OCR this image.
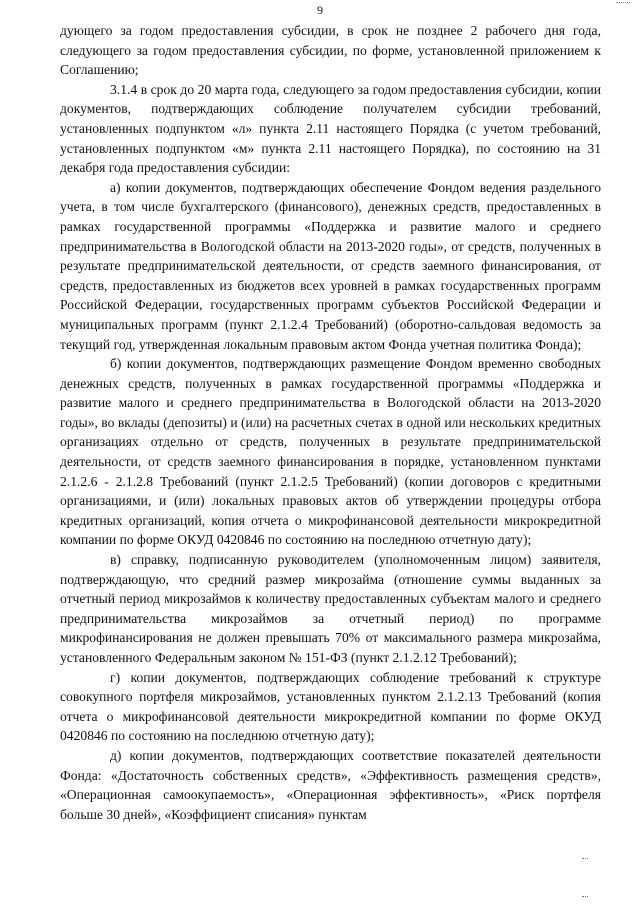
9

дующего за годом предоставления субсидии, в срок не позднее 2 рабочего дня года, следующего за годом предоставления субсидии, по форме, установленной приложением к Соглашению;

3.1.4 в срок до 20 марта года, следующего за годом предоставления субсидии, копии документов, подтверждающих соблюдение получателем субсидии требований, установленных подпунктом «л» пункта 2.11 настоящего Порядка (с учетом требований, установленных подпунктом «м» пункта 2.11 настоящего Порядка), по состоянию на 31 декабря года предоставления субсидии:

а) копии документов, подтверждающих обеспечение Фондом ведения раздельного учета, в том числе бухгалтерского (финансового), денежных средств, предоставленных в рамках государственной программы «Поддержка и развитие малого и среднего предпринимательства в Вологодской области на 2013-2020 годы», от средств, полученных в результате предпринимательской деятельности, от средств заемного финансирования, от средств, предоставленных из бюджетов всех уровней в рамках государственных программ Российской Федерации, государственных программ субъектов Российской Федерации и муниципальных программ (пункт 2.1.2.4 Требований) (оборотно-сальдовая ведомость за текущий год, утвержденная локальным правовым актом Фонда учетная политика Фонда);

б) копии документов, подтверждающих размещение Фондом временно свободных денежных средств, полученных в рамках государственной программы «Поддержка и развитие малого и среднего предпринимательства в Вологодской области на 2013-2020 годы», во вклады (депозиты) и (или) на расчетных счетах в одной или нескольких кредитных организациях отдельно от средств, полученных в результате предпринимательской деятельности, от средств заемного финансирования в порядке, установленном пунктами 2.1.2.6 - 2.1.2.8 Требований (пункт 2.1.2.5 Требований) (копии договоров с кредитными организациями, и (или) локальных правовых актов об утверждении процедуры отбора кредитных организаций, копия отчета о микрофинансовой деятельности микрокредитной компании по форме ОКУД 0420846 по состоянию на последнюю отчетную дату);

в) справку, подписанную руководителем (уполномоченным лицом) заявителя, подтверждающую, что средний размер микрозайма (отношение суммы выданных за отчетный период микрозаймов к количеству предоставленных субъектам малого и среднего предпринимательства микрозаймов за отчетный период) по программе микрофинансирования не должен превышать 70% от максимального размера микрозайма, установленного Федеральным законом № 151-ФЗ (пункт 2.1.2.12 Требований);

г) копии документов, подтверждающих соблюдение требований к структуре совокупного портфеля микрозаймов, установленных пунктом 2.1.2.13 Требований (копия отчета о микрофинансовой деятельности микрокредитной компании по форме ОКУД 0420846 по состоянию на последнюю отчетную дату);

д) копии документов, подтверждающих соответствие показателей деятельности Фонда: «Достаточность собственных средств», «Эффективность размещения средств», «Операционная самоокупаемость», «Операционная эффективность», «Риск портфеля больше 30 дней», «Коэффициент списания» пунктам
